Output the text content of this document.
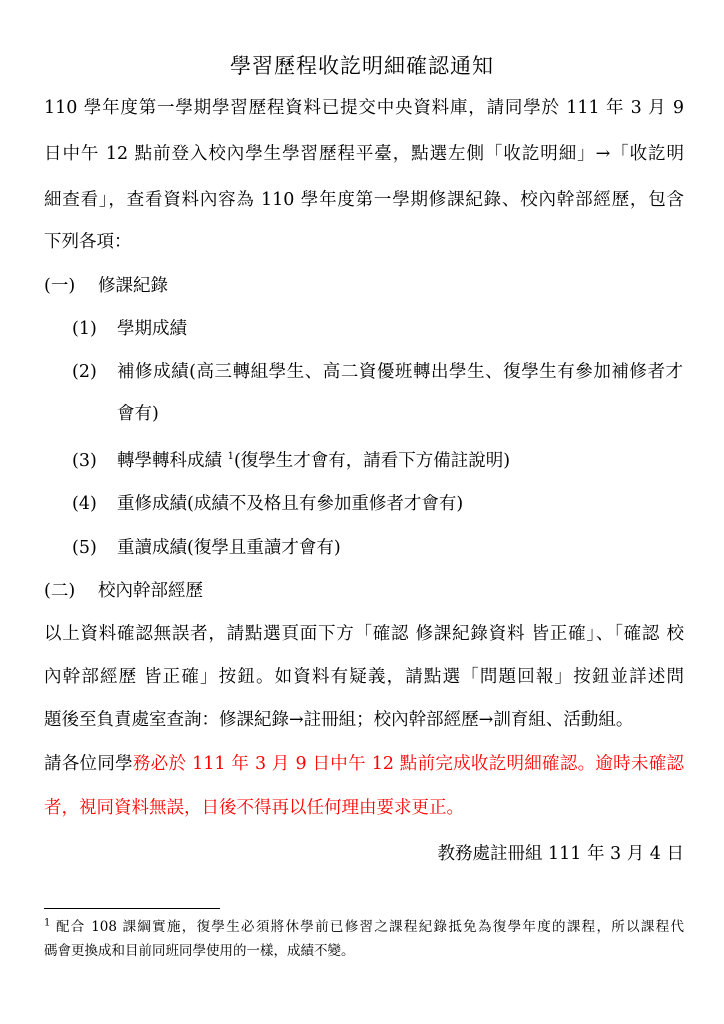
學習歷程收訖明細確認通知
110 學年度第一學期學習歷程資料已提交中央資料庫，請同學於 111 年 3 月 9
日中午 12 點前登入校內學生學習歷程平臺，點選左側「收訖明細」→「收訖明
細查看」，查看資料內容為 110 學年度第一學期修課紀錄、校內幹部經歷，包含
下列各項：
(一) 修課紀錄
(1) 學期成績
(2) 補修成績(高三轉組學生、高二資優班轉出學生、復學生有參加補修者才
會有)
(3) 轉學轉科成績 $^1$(復學生才會有，請看下方備註說明)
(4) 重修成績(成績不及格且有參加重修者才會有)
(5) 重讀成績(復學且重讀才會有)
(二) 校內幹部經歷
以上資料確認無誤者，請點選頁面下方「確認 修課紀錄資料 皆正確」、「確認 校
內幹部經歷 皆正確」按鈕。如資料有疑義，請點選「問題回報」按鈕並詳述問
題後至負責處室查詢：修課紀錄→註冊組；校內幹部經歷→訓育組、活動組。
請各位同學務必於 111 年 3 月 9 日中午 12 點前完成收訖明細確認。逾時未確認
者，視同資料無誤，日後不得再以任何理由要求更正。
教務處註冊組 111 年 3 月 4 日
$^1$ 配合 108 課綱實施，復學生必須將休學前已修習之課程紀錄抵免為復學年度的課程，所以課程代
碼會更換成和目前同班同學使用的一樣，成績不變。
